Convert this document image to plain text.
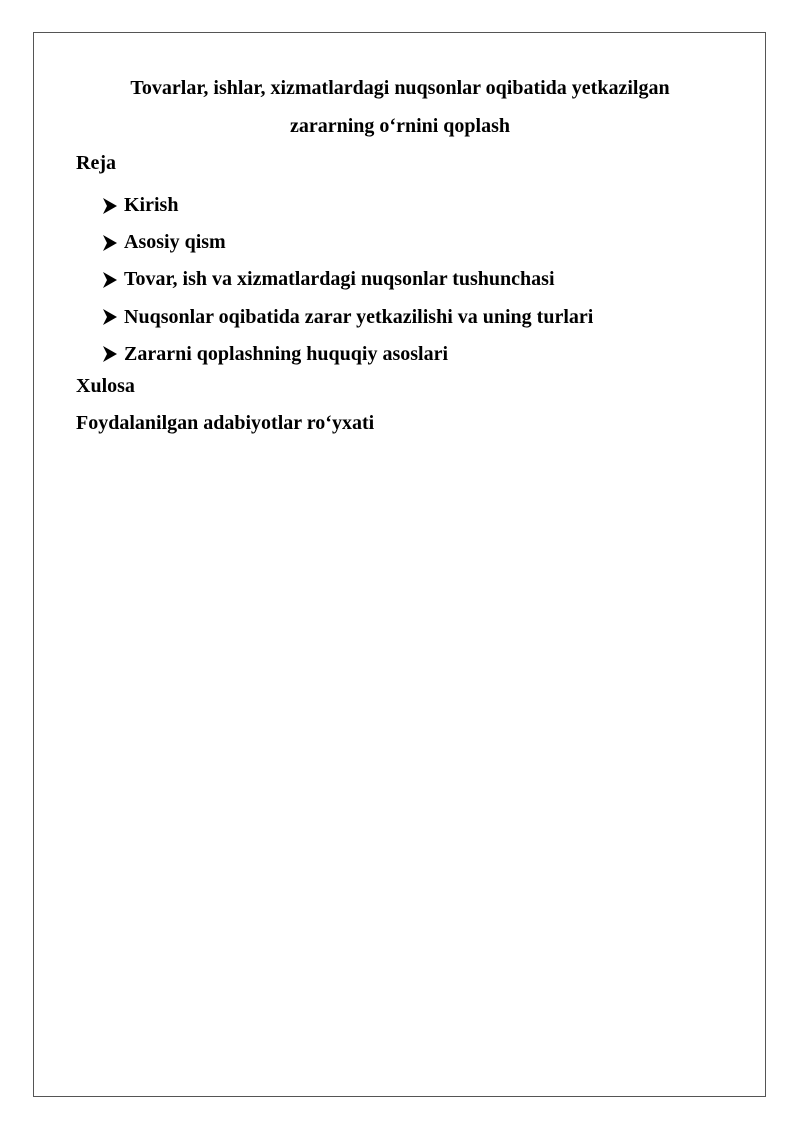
Tovarlar, ishlar, xizmatlardagi nuqsonlar oqibatida yetkazilgan
zararning o‘rnini qoplash
Reja
Kirish
Asosiy qism
Tovar, ish va xizmatlardagi nuqsonlar tushunchasi
Nuqsonlar oqibatida zarar yetkazilishi va uning turlari
Zararni qoplashning huquqiy asoslari
Xulosa
Foydalanilgan adabiyotlar ro‘yxati
